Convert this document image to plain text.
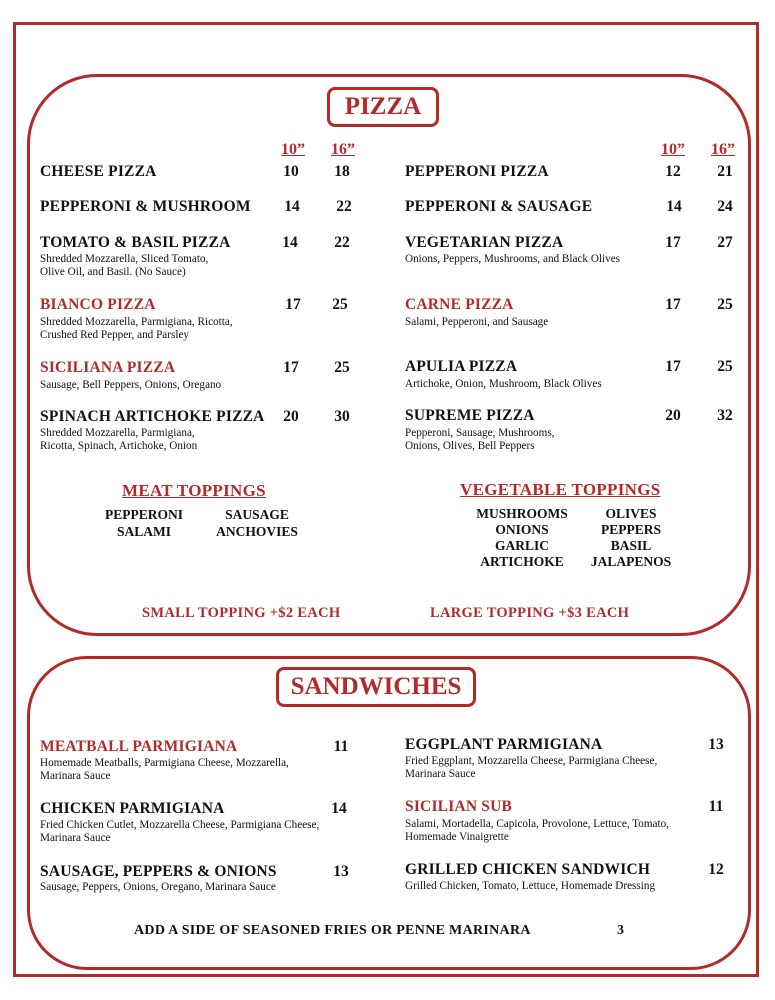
PIZZA
SANDWICHES
10” 16”	10” 16”
CHEESE PIZZA	10	18
PEPPERONI & MUSHROOM	14	22
TOMATO & BASIL PIZZA	14	22
Shredded Mozzarella, Sliced Tomato,
Olive Oil, and Basil. (No Sauce)
BIANCO PIZZA	17	25
Shredded Mozzarella, Parmigiana, Ricotta,
Crushed Red Pepper, and Parsley
SICILIANA PIZZA	17	25
Sausage, Bell Peppers, Onions, Oregano
SPINACH ARTICHOKE PIZZA	20	30
Shredded Mozzarella, Parmigiana,
Ricotta, Spinach, Artichoke, Onion
PEPPERONI PIZZA	12	21
PEPPERONI & SAUSAGE	14	24
VEGETARIAN PIZZA	17	27
Onions, Peppers, Mushrooms, and Black Olives
CARNE PIZZA	17	25
Salami, Pepperoni, and Sausage
APULIA PIZZA	17	25
Artichoke, Onion, Mushroom, Black Olives
SUPREME PIZZA	20	32
Pepperoni, Sausage, Mushrooms,
Onions, Olives, Bell Peppers
MEAT TOPPINGS
PEPPERONI
SALAMI
SAUSAGE
ANCHOVIES
VEGETABLE TOPPINGS
MUSHROOMS
ONIONS
GARLIC
ARTICHOKE
OLIVES
PEPPERS
BASIL
JALAPENOS
SMALL TOPPING +$2 EACH	LARGE TOPPING +$3 EACH
MEATBALL PARMIGIANA	11
Homemade Meatballs, Parmigiana Cheese, Mozzarella,
Marinara Sauce
CHICKEN PARMIGIANA	14
Fried Chicken Cutlet, Mozzarella Cheese, Parmigiana Cheese,
Marinara Sauce
SAUSAGE, PEPPERS & ONIONS	13
Sausage, Peppers, Onions, Oregano, Marinara Sauce
EGGPLANT PARMIGIANA	13
Fried Eggplant, Mozzarella Cheese, Parmigiana Cheese,
Marinara Sauce
SICILIAN SUB	11
Salami, Mortadella, Capicola, Provolone, Lettuce, Tomato,
Homemade Vinaigrette
GRILLED CHICKEN SANDWICH	12
Grilled Chicken, Tomato, Lettuce, Homemade Dressing
ADD A SIDE OF SEASONED FRIES OR PENNE MARINARA	3
